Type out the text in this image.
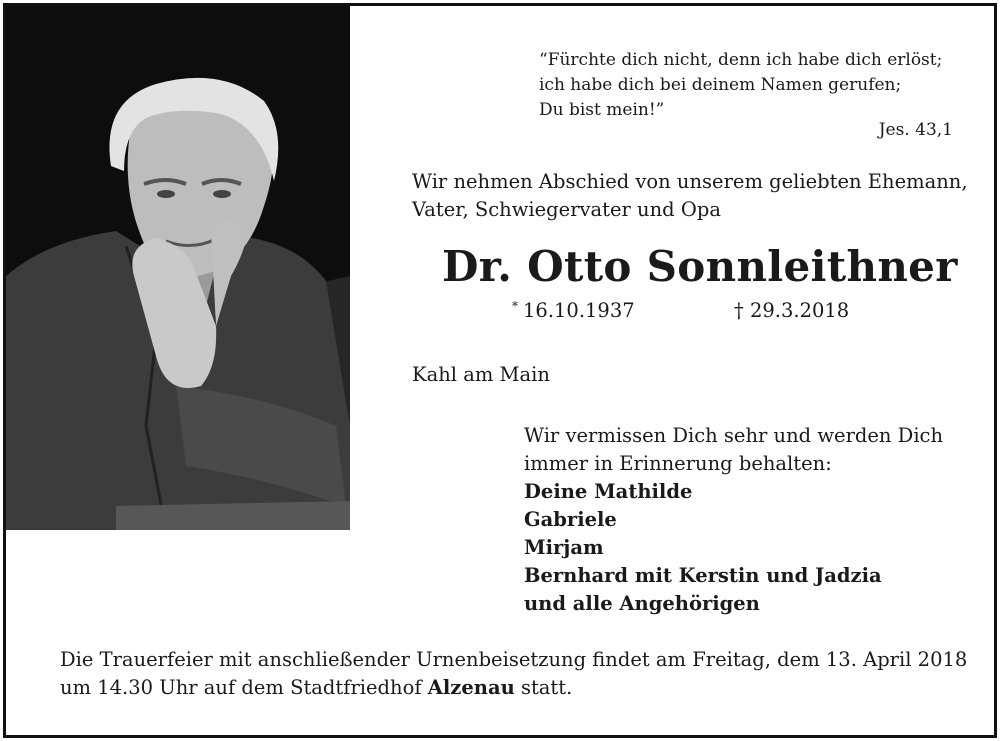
“Fürchte dich nicht, denn ich habe dich erlöst;
ich habe dich bei deinem Namen gerufen;
Du bist mein!”
Jes. 43,1
Wir nehmen Abschied von unserem geliebten Ehemann,
Vater, Schwiegervater und Opa
Dr. Otto Sonnleithner
* 16.10.1937	† 29.3.2018
Kahl am Main
Wir vermissen Dich sehr und werden Dich
immer in Erinnerung behalten:
Deine Mathilde
Gabriele
Mirjam
Bernhard mit Kerstin und Jadzia
und alle Angehörigen
Die Trauerfeier mit anschließender Urnenbeisetzung findet am Freitag, dem 13. April 2018
um 14.30 Uhr auf dem Stadtfriedhof Alzenau statt.
